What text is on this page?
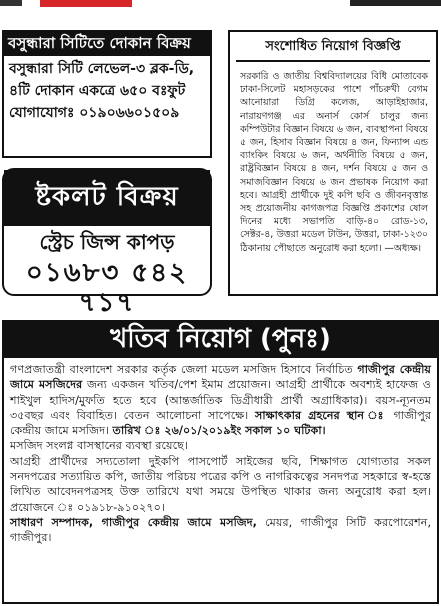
বসুন্ধারা সিটিতে দোকান বিক্রয়
বসুন্ধারা সিটি লেভেল-৩ ব্লক-ডি,
৪টি দোকান একত্রে ৬৫০ বঃফুট
যোগাযোগঃ ০১৯০৬৬০১৫০৯
ষ্টকলট বিক্রয়
স্ট্রেচ জিন্স কাপড়
০১৬৮৩ ৫৪২ ৭১৭
সংশোধিত নিয়োগ বিজ্ঞপ্তি
সরকারি ও জাতীয় বিশ্ববিদ্যালয়ের বিধি মোতাবেক ঢাকা-সিলেট মহাসড়কের পাশে পাঁচরুখী বেগম আনোয়ারা ডিগ্রি কলেজ, আড়াইহাজার, নারায়ণগঞ্জ এর অনার্স কোর্স চালুর জন্য কম্পিউটার বিজ্ঞান বিষয়ে ৬ জন, ব্যবস্থাপনা বিষয়ে ৫ জন, হিসাব বিজ্ঞান বিষয়ে ৪ জন, ফিন্যান্স এন্ড ব্যাংকিং বিষয়ে ৬ জন, অর্থনীতি বিষয়ে ৫ জন, রাষ্ট্রবিজ্ঞান বিষয়ে ৪ জন, দর্শন বিষয়ে ৫ জন ও সমাজবিজ্ঞান বিষয়ে ৬ জন প্রভাষক নিয়োগ করা হবে। আগ্রহী প্রার্থীকে দুই কপি ছবি ও জীবনবৃত্তান্ত সহ প্রয়োজনীয় কাগজপত্র বিজ্ঞপ্তি প্রকাশের ষোল দিনের মধ্যে সভাপতি বাড়ি-৪০ রোড-১৩, সেক্টর-৪, উত্তরা মডেল টাউন, উত্তরা, ঢাকা-১২৩০ ঠিকানায় পৌছাতে অনুরোধ করা হলো। —অধ্যক্ষ।
খতিব নিয়োগ (পুনঃ)
গণপ্রজাতন্ত্রী বাংলাদেশ সরকার কর্তৃক জেলা মডেল মসজিদ হিসাবে নির্বাচিত গাজীপুর কেন্দ্রীয় জামে মসজিদের জন্য একজন খতিব/পেশ ইমাম প্রয়োজন। আগ্রহী প্রার্থীকে অবশ্যই হাফেজ ও শাইখুল হাদিস/মুফতি হতে হবে (আন্তর্জাতিক ডিগ্রীধারী প্রার্থী অগ্রাধিকার)। বয়স-ন্যূনতম ৩৫বছর এবং বিবাহিত। বেতন আলোচনা সাপেক্ষে। সাক্ষাৎকার গ্রহনের স্থান ঃ গাজীপুর কেন্দ্রীয় জামে মসজিদ। তারিখ ঃ ২৬/০১/২০১৯ইং সকাল ১০ ঘটিকা।
মসজিদ সংলগ্ন বাসস্থানের ব্যবস্থা রয়েছে।
আগ্রহী প্রার্থীদের সদ্যতোলা দুইকপি পাসপোর্ট সাইজের ছবি, শিক্ষাগত যোগ্যতার সকল সনদপত্রের সত্যায়িত কপি, জাতীয় পরিচয় পত্রের কপি ও নাগরিকত্বের সনদপত্র সহকারে স্ব-হস্তে লিখিত আবেদনপত্রসহ উক্ত তারিখে যথা সময়ে উপস্থিত থাকার জন্য অনুরোধ করা হল। প্রয়োজনে ঃ ০১৯১৮-৯১০২৭০।
সাধারণ সম্পাদক, গাজীপুর কেন্দ্রীয় জামে মসজিদ, মেয়র, গাজীপুর সিটি করপোরেশন, গাজীপুর।
